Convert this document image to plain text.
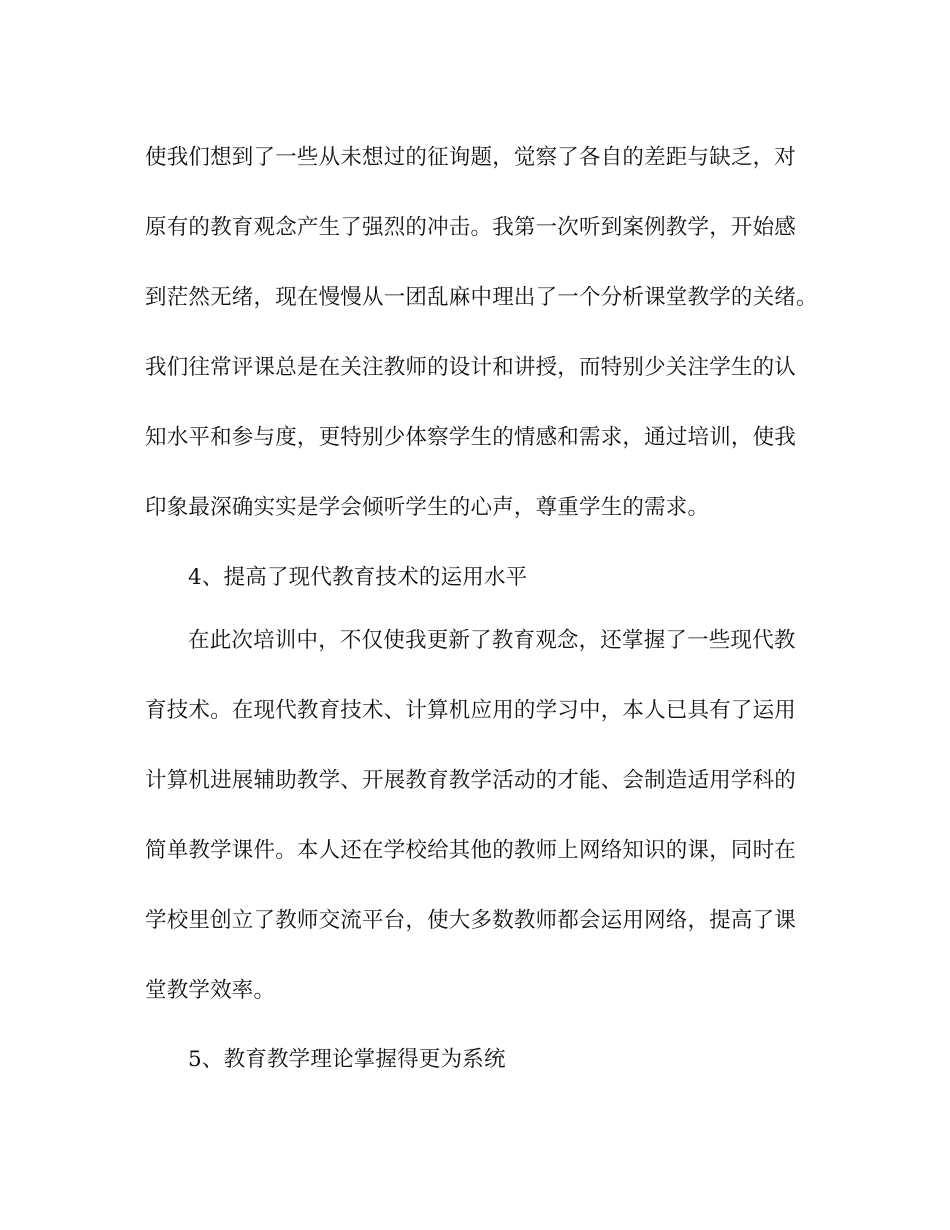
使我们想到了一些从未想过的征询题，觉察了各自的差距与缺乏，对
原有的教育观念产生了强烈的冲击。我第一次听到案例教学，开始感
到茫然无绪，现在慢慢从一团乱麻中理出了一个分析课堂教学的关绪。
我们往常评课总是在关注教师的设计和讲授，而特别少关注学生的认
知水平和参与度，更特别少体察学生的情感和需求，通过培训，使我
印象最深确实实是学会倾听学生的心声，尊重学生的需求。
4、提高了现代教育技术的运用水平
在此次培训中，不仅使我更新了教育观念，还掌握了一些现代教
育技术。在现代教育技术、计算机应用的学习中，本人已具有了运用
计算机进展辅助教学、开展教育教学活动的才能、会制造适用学科的
简单教学课件。本人还在学校给其他的教师上网络知识的课，同时在
学校里创立了教师交流平台，使大多数教师都会运用网络，提高了课
堂教学效率。
5、教育教学理论掌握得更为系统
